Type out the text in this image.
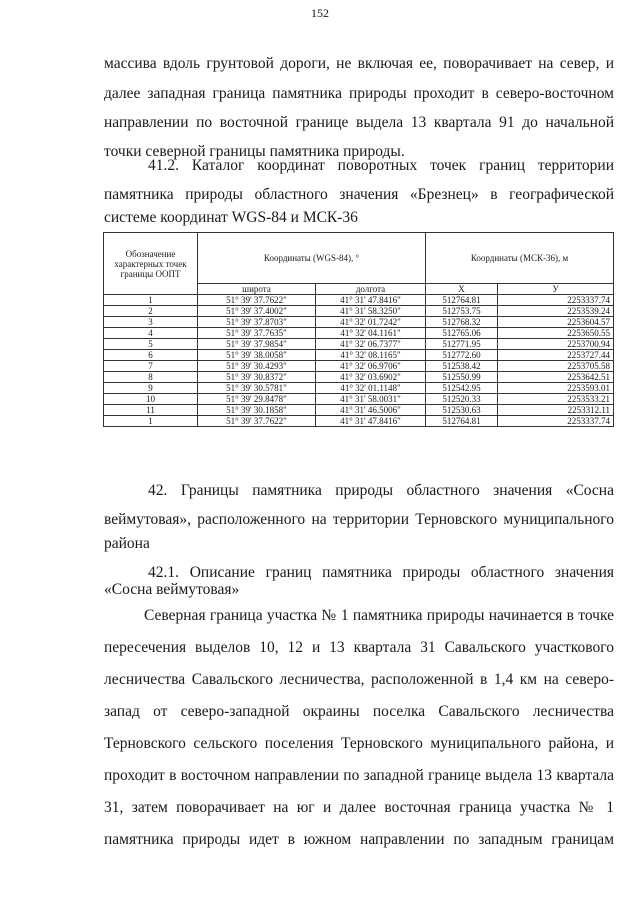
152
массива вдоль грунтовой дороги, не включая ее, поворачивает на север, и
далее западная граница памятника природы проходит в северо-восточном
направлении по восточной границе выдела 13 квартала 91 до начальной
точки северной границы памятника природы.
41.2. Каталог координат поворотных точек границ территории
памятника природы областного значения «Брезнец» в географической
системе координат WGS-84 и МСК-36
Обозначение характерных точек границы ООПТ	Координаты (WGS-84), °		Координаты (МСК-36), м	
	широта	долгота	X	У
1	51° 39' 37.7622"	41° 31' 47.8416"	512764.81	2253337.74
2	51° 39' 37.4002"	41° 31' 58.3250"	512753.75	2253539.24
3	51° 39' 37.8703"	41° 32' 01.7242"	512768.32	2253604.57
4	51° 39' 37.7635"	41° 32' 04.1161"	512765.06	2253650.55
5	51° 39' 37.9854"	41° 32' 06.7377"	512771.95	2253700.94
6	51° 39' 38.0058"	41° 32' 08.1165"	512772.60	2253727.44
7	51° 39' 30.4293"	41° 32' 06.9706"	512538.42	2253705.58
8	51° 39' 30.8372"	41° 32' 03.6902"	512550.99	2253642.51
9	51° 39' 30.5781"	41° 32' 01.1148"	512542.95	2253593.01
10	51° 39' 29.8478"	41° 31' 58.0031"	512520.33	2253533.21
11	51° 39' 30.1858"	41° 31' 46.5006"	512530.63	2253312.11
1	51° 39' 37.7622"	41° 31' 47.8416"	512764.81	2253337.74
42. Границы памятника природы областного значения «Сосна
веймутовая», расположенного на территории Терновского муниципального
района
42.1. Описание границ памятника природы областного значения
«Сосна веймутовая»
Северная граница участка № 1 памятника природы начинается в точке
пересечения выделов 10, 12 и 13 квартала 31 Савальского участкового
лесничества Савальского лесничества, расположенной в 1,4 км на северо-
запад от северо-западной окраины поселка Савальского лесничества
Терновского сельского поселения Терновского муниципального района, и
проходит в восточном направлении по западной границе выдела 13 квартала
31, затем поворачивает на юг и далее восточная граница участка № 1
памятника природы идет в южном направлении по западным границам
